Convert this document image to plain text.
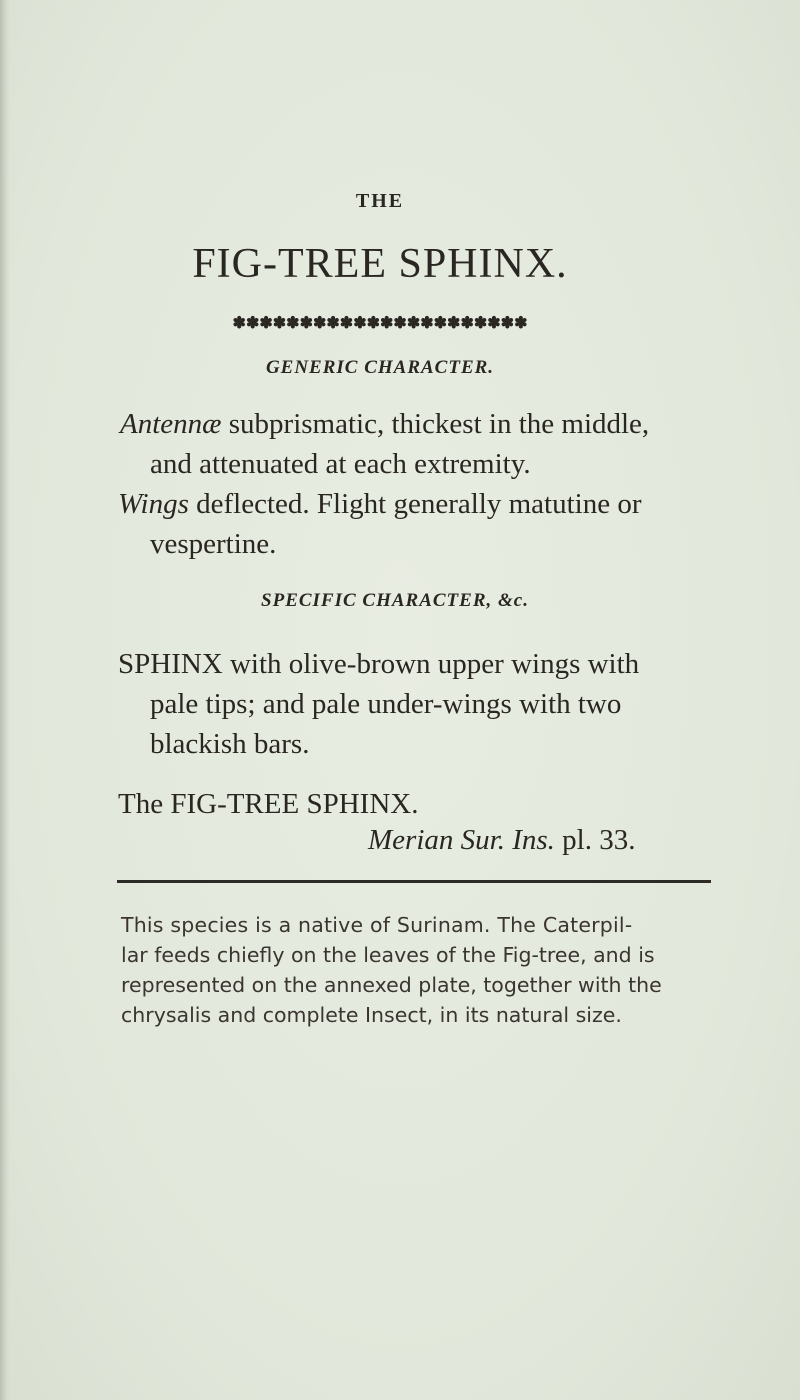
THE

FIG-TREE SPHINX.

✽✽✽✽✽✽✽✽✽✽✽✽✽✽✽✽✽✽✽✽✽✽

GENERIC CHARACTER.

Antennæ subprismatic, thickest in the middle,

and attenuated at each extremity.

Wings deflected. Flight generally matutine or

vespertine.

SPECIFIC CHARACTER, &c.

SPHINX with olive-brown upper wings with

pale tips; and pale under-wings with two

blackish bars.

The FIG-TREE SPHINX.

Merian Sur. Ins. pl. 33.

This species is a native of Surinam. The Caterpil-

lar feeds chiefly on the leaves of the Fig-tree, and is

represented on the annexed plate, together with the

chrysalis and complete Insect, in its natural size.
